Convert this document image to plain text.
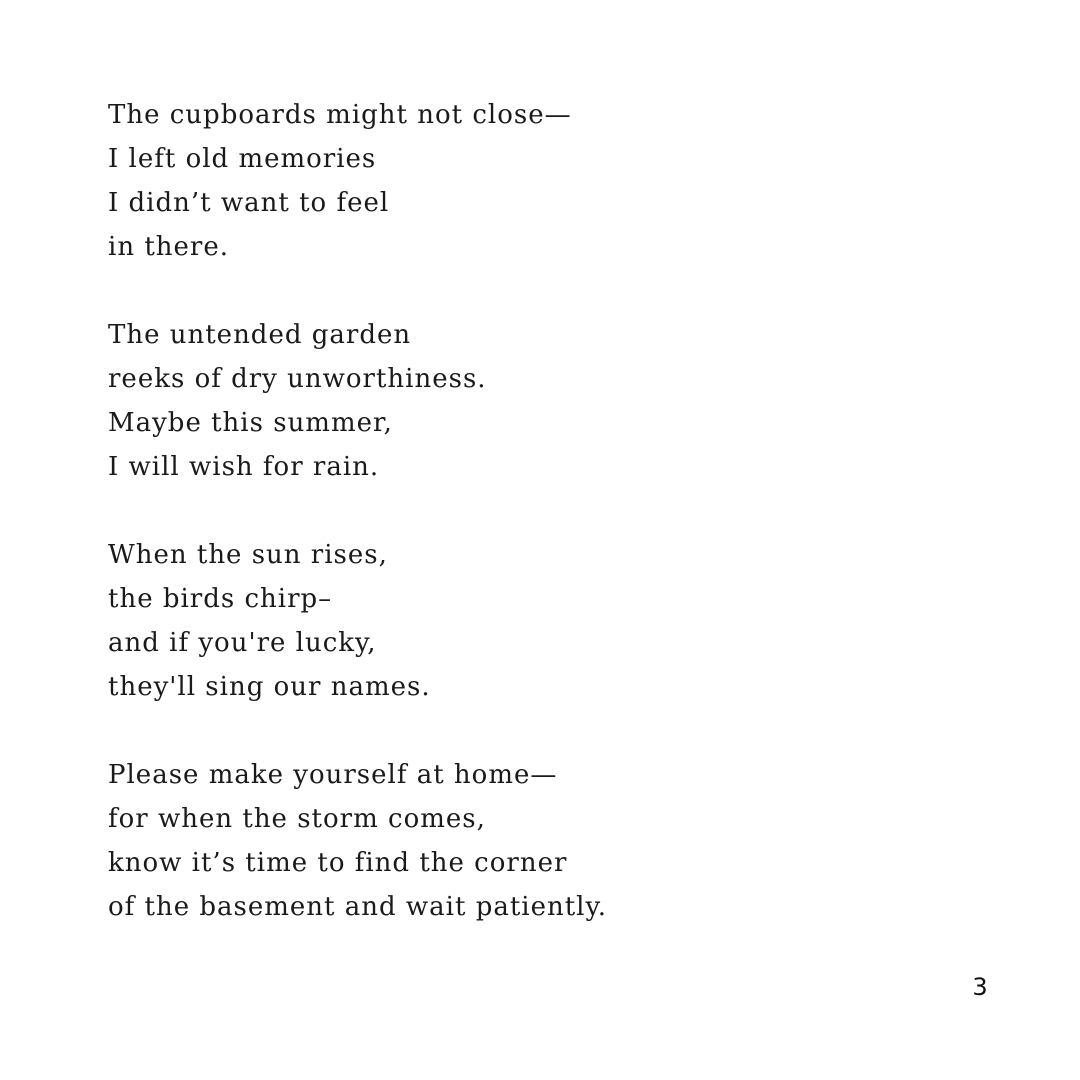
The cupboards might not close—
I left old memories
I didn’t want to feel
in there.
The untended garden
reeks of dry unworthiness.
Maybe this summer,
I will wish for rain.
When the sun rises,
the birds chirp–
and if you're lucky,
they'll sing our names.
Please make yourself at home—
for when the storm comes,
know it’s time to find the corner
of the basement and wait patiently.
3
